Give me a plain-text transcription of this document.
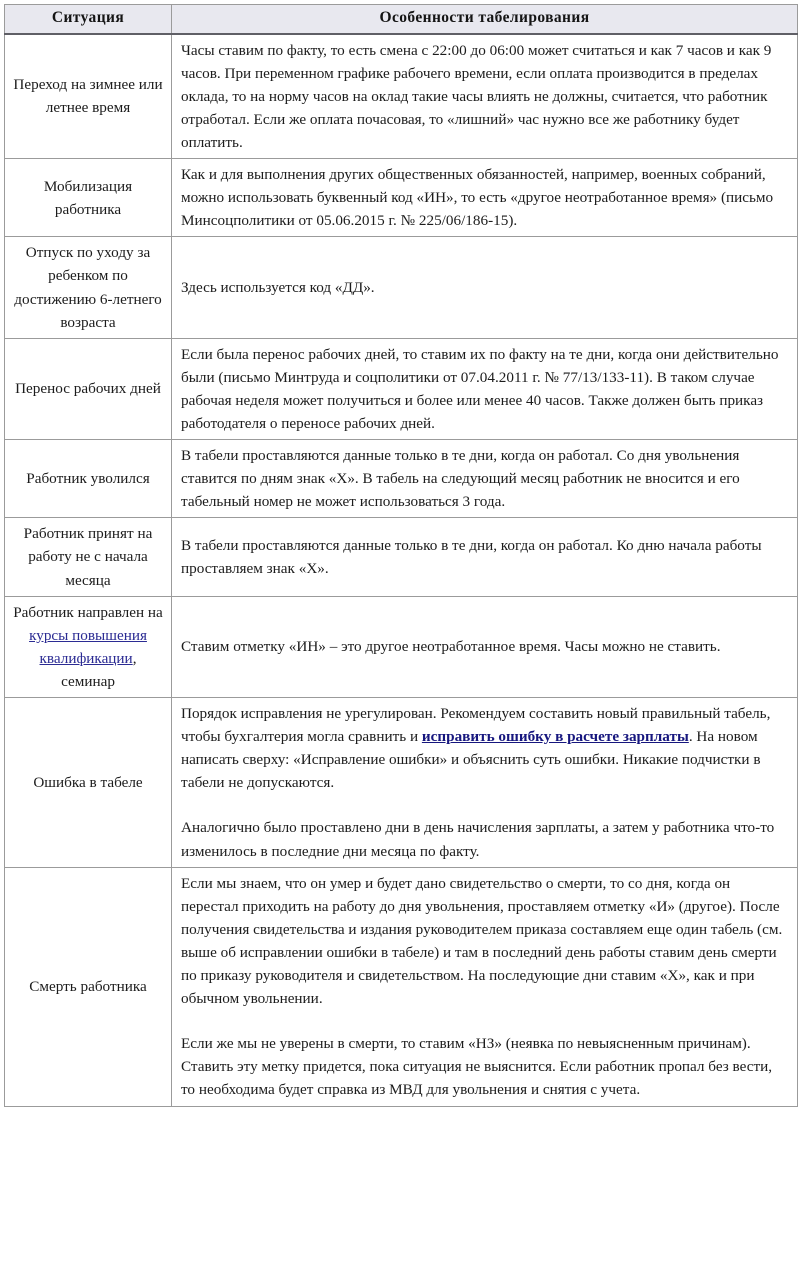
Ситуация	Особенности табелирования
Переход на зимнее или летнее время	Часы ставим по факту, то есть смена с 22:00 до 06:00 может считаться и как 7 часов и как 9 часов. При переменном графике рабочего времени, если оплата производится в пределах оклада, то на норму часов на оклад такие часы влиять не должны, считается, что работник отработал. Если же оплата почасовая, то «лишний» час нужно все же работнику будет оплатить.

Мобилизация работника	Как и для выполнения других общественных обязанностей, например, военных собраний, можно использовать буквенный код «ИН», то есть «другое неотработанное время» (письмо Минсоцполитики от 05.06.2015 г. № 225/06/186-15).

Отпуск по уходу за ребенком по достижению 6-летнего возраста	Здесь используется код «ДД».

Перенос рабочих дней	Если была перенос рабочих дней, то ставим их по факту на те дни, когда они действительно были (письмо Минтруда и соцполитики от 07.04.2011 г. № 77/13/133-11). В таком случае рабочая неделя может получиться и более или менее 40 часов. Также должен быть приказ работодателя о переносе рабочих дней.

Работник уволился	В табели проставляются данные только в те дни, когда он работал. Со дня увольнения ставится по дням знак «Х». В табель на следующий месяц работник не вносится и его табельный номер не может использоваться 3 года.

Работник принят на работу не с начала месяца	В табели проставляются данные только в те дни, когда он работал. Ко дню начала работы проставляем знак «Х».

Работник направлен на курсы повышения квалификации, семинар	Ставим отметку «ИН» – это другое неотработанное время. Часы можно не ставить.

Ошибка в табеле	Порядок исправления не урегулирован. Рекомендуем составить новый правильный табель, чтобы бухгалтерия могла сравнить и исправить ошибку в расчете зарплаты. На новом написать сверху: «Исправление ошибки» и объяснить суть ошибки. Никакие подчистки в табели не допускаются.

Аналогично было проставлено дни в день начисления зарплаты, а затем у работника что-то изменилось в последние дни месяца по факту.

Смерть работника	Если мы знаем, что он умер и будет дано свидетельство о смерти, то со дня, когда он перестал приходить на работу до дня увольнения, проставляем отметку «И» (другое). После получения свидетельства и издания руководителем приказа составляем еще один табель (см. выше об исправлении ошибки в табеле) и там в последний день работы ставим день смерти по приказу руководителя и свидетельством. На последующие дни ставим «Х», как и при обычном увольнении.

Если же мы не уверены в смерти, то ставим «НЗ» (неявка по невыясненным причинам). Ставить эту метку придется, пока ситуация не выяснится. Если работник пропал без вести, то необходима будет справка из МВД для увольнения и снятия с учета.
